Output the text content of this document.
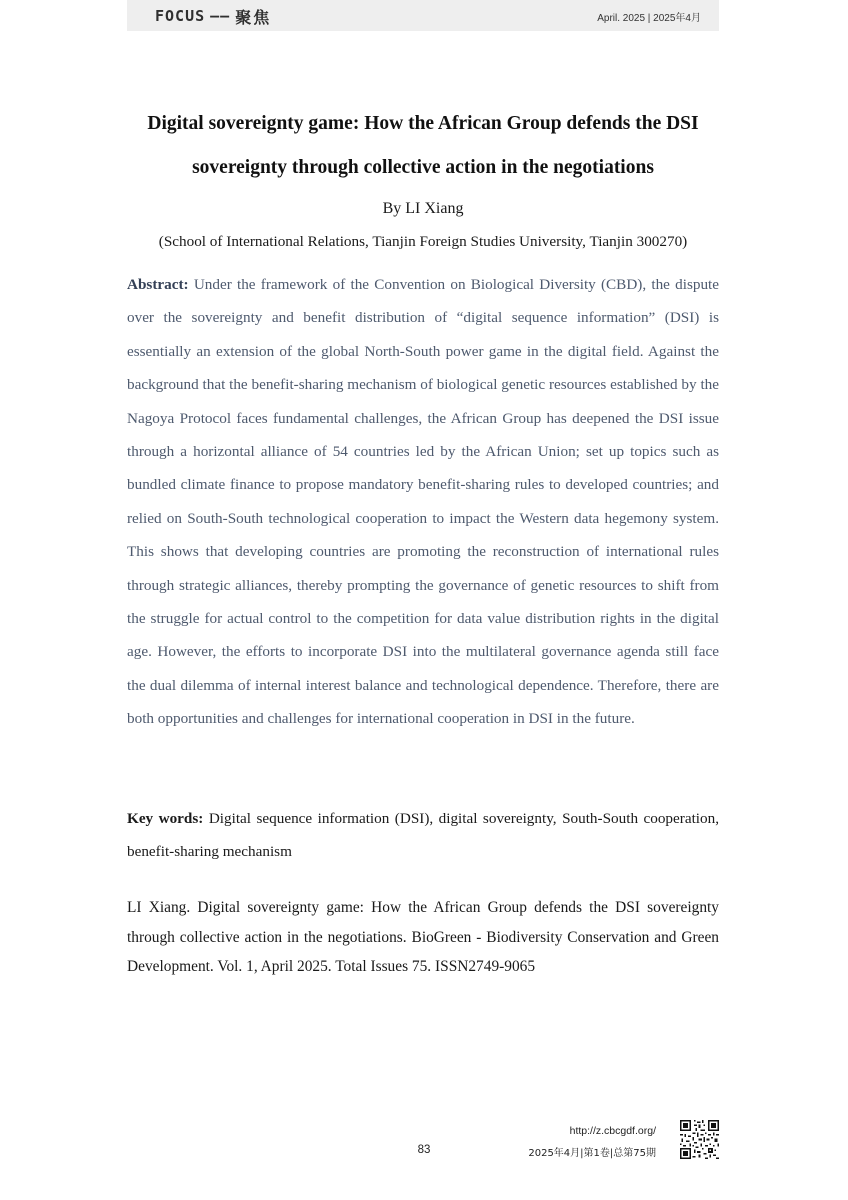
FOCUS —— 聚焦	April. 2025 | 2025年4月
Digital sovereignty game: How the African Group defends the DSI
sovereignty through collective action in the negotiations
By LI Xiang
(School of International Relations, Tianjin Foreign Studies University, Tianjin 300270)

Abstract: Under the framework of the Convention on Biological Diversity (CBD), the dispute over the sovereignty and benefit distribution of “digital sequence information” (DSI) is essentially an extension of the global North-South power game in the digital field. Against the background that the benefit-sharing mechanism of biological genetic resources established by the Nagoya Protocol faces fundamental challenges, the African Group has deepened the DSI issue through a horizontal alliance of 54 countries led by the African Union; set up topics such as bundled climate finance to propose mandatory benefit-sharing rules to developed countries; and relied on South-South technological cooperation to impact the Western data hegemony system. This shows that developing countries are promoting the reconstruction of international rules through strategic alliances, thereby prompting the governance of genetic resources to shift from the struggle for actual control to the competition for data value distribution rights in the digital age. However, the efforts to incorporate DSI into the multilateral governance agenda still face the dual dilemma of internal interest balance and technological dependence. Therefore, there are both opportunities and challenges for international cooperation in DSI in the future.

Key words: Digital sequence information (DSI), digital sovereignty, South-South cooperation, benefit-sharing mechanism

LI Xiang. Digital sovereignty game: How the African Group defends the DSI sovereignty through collective action in the negotiations. BioGreen - Biodiversity Conservation and Green Development. Vol. 1, April 2025. Total Issues 75. ISSN2749-9065

83
http://z.cbcgdf.org/
2025年4月|第1卷|总第75期
